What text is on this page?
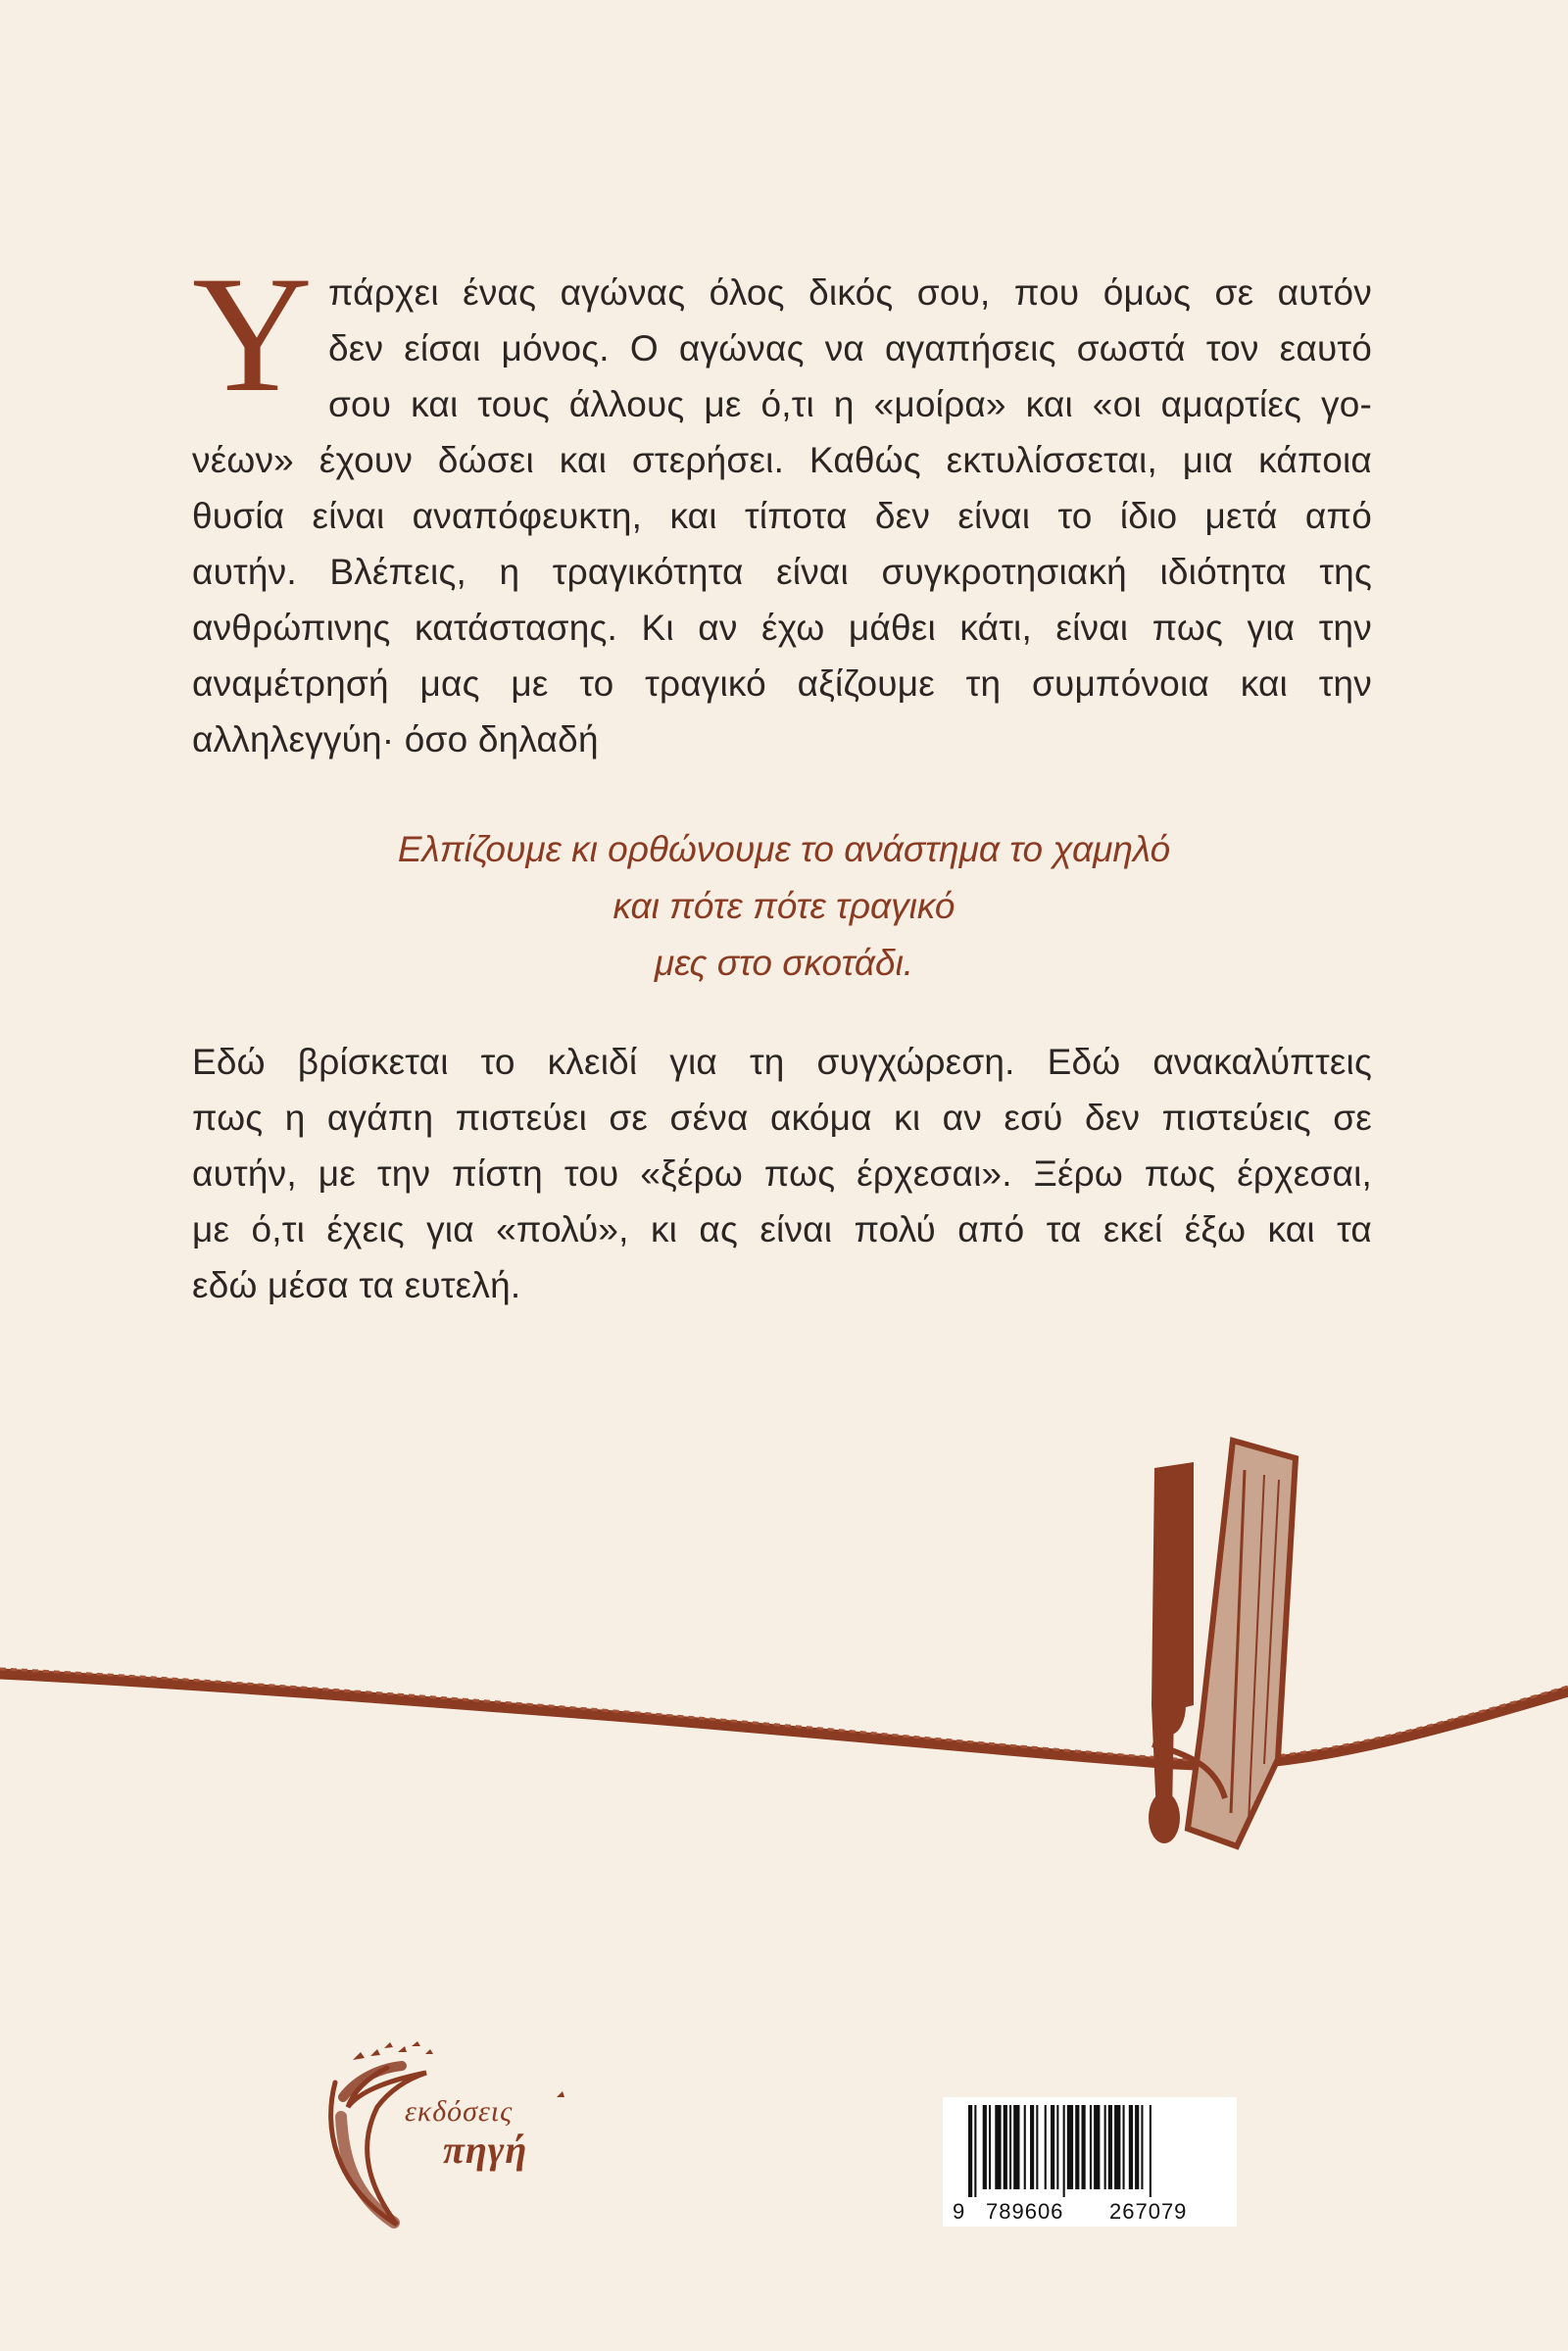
Υ πάρχει ένας αγώνας όλος δικός σου, που όμως σε αυτόν
δεν είσαι μόνος. Ο αγώνας να αγαπήσεις σωστά τον εαυτό
σου και τους άλλους με ό,τι η «μοίρα» και «οι αμαρτίες γο-
νέων» έχουν δώσει και στερήσει. Καθώς εκτυλίσσεται, μια κάποια
θυσία είναι αναπόφευκτη, και τίποτα δεν είναι το ίδιο μετά από
αυτήν. Βλέπεις, η τραγικότητα είναι συγκροτησιακή ιδιότητα της
ανθρώπινης κατάστασης. Κι αν έχω μάθει κάτι, είναι πως για την
αναμέτρησή μας με το τραγικό αξίζουμε τη συμπόνοια και την
αλληλεγγύη· όσο δηλαδή
Ελπίζουμε κι ορθώνουμε το ανάστημα το χαμηλό
και πότε πότε τραγικό
μες στο σκοτάδι.
Εδώ βρίσκεται το κλειδί για τη συγχώρεση. Εδώ ανακαλύπτεις
πως η αγάπη πιστεύει σε σένα ακόμα κι αν εσύ δεν πιστεύεις σε
αυτήν, με την πίστη του «ξέρω πως έρχεσαι». Ξέρω πως έρχεσαι,
με ό,τι έχεις για «πολύ», κι ας είναι πολύ από τα εκεί έξω και τα
εδώ μέσα τα ευτελή.
εκδόσεις
πηγή
9 789606 267079
